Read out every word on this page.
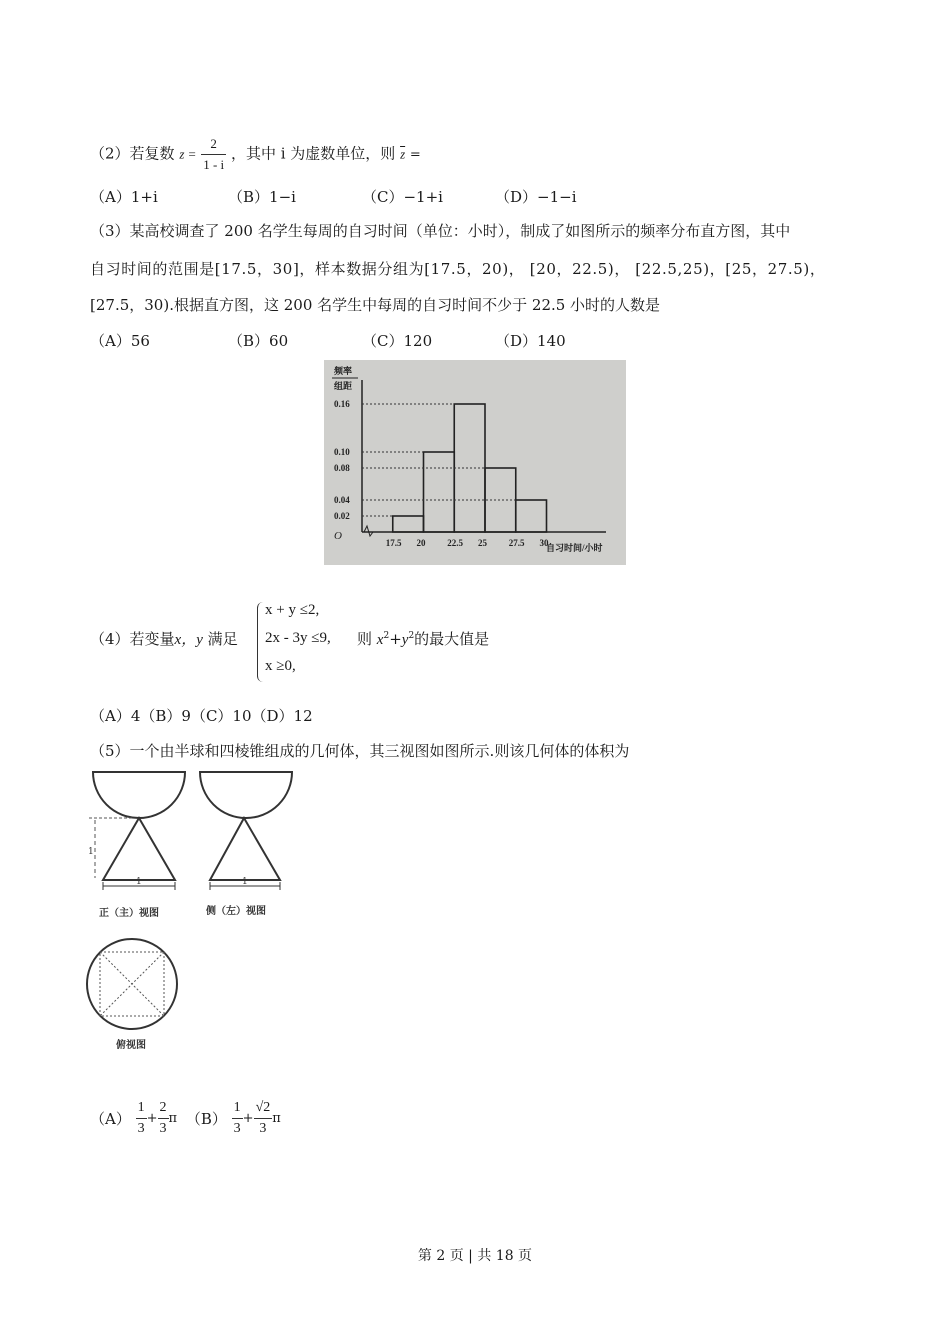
（2）若复数 $z = \frac{2}{1 - i}$ ，其中 i 为虚数单位，则 $\overline{z}$ =
（A）1+i	（B）1−i	（C）−1+i	（D）−1−i
（3）某高校调查了 200 名学生每周的自习时间（单位：小时），制成了如图所示的频率分布直方图，其中
自习时间的范围是[17.5，30]，样本数据分组为[17.5，20)， [20，22.5)， [22.5,25)，[25，27.5)，
[27.5，30).根据直方图，这 200 名学生中每周的自习时间不少于 22.5 小时的人数是
（A）56	（B）60	（C）120	（D）140
频率
组距
O
自习时间/小时
0.02
0.04
0.08
0.10
0.16
17.5 20 22.5 25 27.5 30
（4）若变量x，y 满足
x + y ≤2,
2x - 3y ≤9,
x ≥0,
则 $x^2+y^2$的最大值是
（A）4（B）9（C）10（D）12
（5）一个由半球和四棱锥组成的几何体，其三视图如图所示.则该几何体的体积为
1
1
正（主）视图
1
侧（左）视图
俯视图
$(A) \frac{1}{3} + \frac{2}{3}$ π $(B) \frac{1}{3} + \frac{√2}{3}$ π
第 2 页 | 共 18 页
